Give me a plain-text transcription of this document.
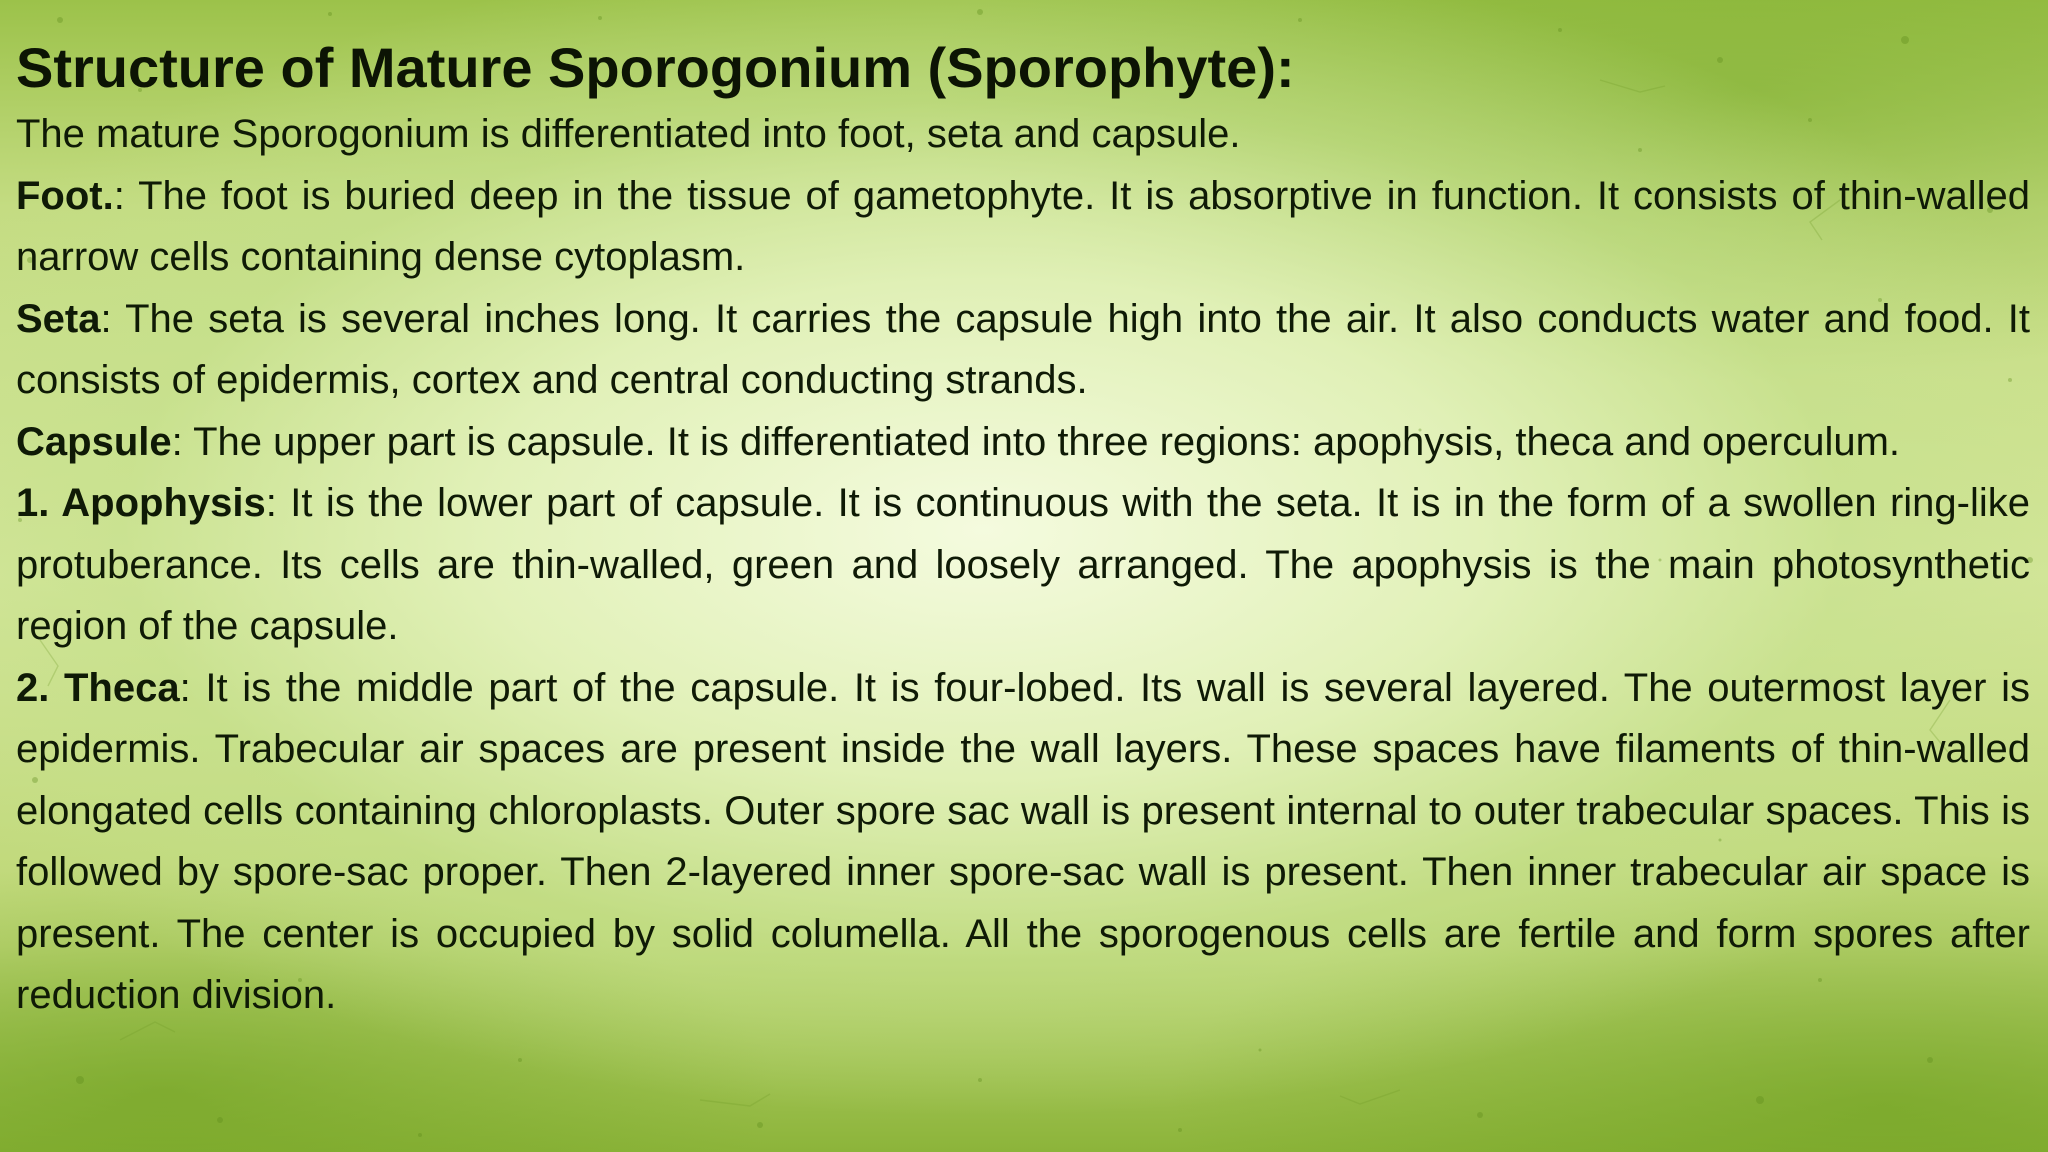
Structure of Mature Sporogonium (Sporophyte):

The mature Sporogonium is differentiated into foot, seta and capsule.

Foot.: The foot is buried deep in the tissue of gametophyte. It is absorptive in function. It consists of thin-walled narrow cells containing dense cytoplasm.

Seta: The seta is several inches long. It carries the capsule high into the air. It also conducts water and food. It consists of epidermis, cortex and central conducting strands.

Capsule: The upper part is capsule. It is differentiated into three regions: apophysis, theca and operculum.

1. Apophysis: It is the lower part of capsule. It is continuous with the seta. It is in the form of a swollen ring-like protuberance. Its cells are thin-walled, green and loosely arranged. The apophysis is the main photosynthetic region of the capsule.

2. Theca: It is the middle part of the capsule. It is four-lobed. Its wall is several layered. The outermost layer is epidermis. Trabecular air spaces are present inside the wall layers. These spaces have filaments of thin-walled elongated cells containing chloroplasts. Outer spore sac wall is present internal to outer trabecular spaces. This is followed by spore-sac proper. Then 2-layered inner spore-sac wall is present. Then inner trabecular air space is present. The center is occupied by solid columella. All the sporogenous cells are fertile and form spores after reduction division.
